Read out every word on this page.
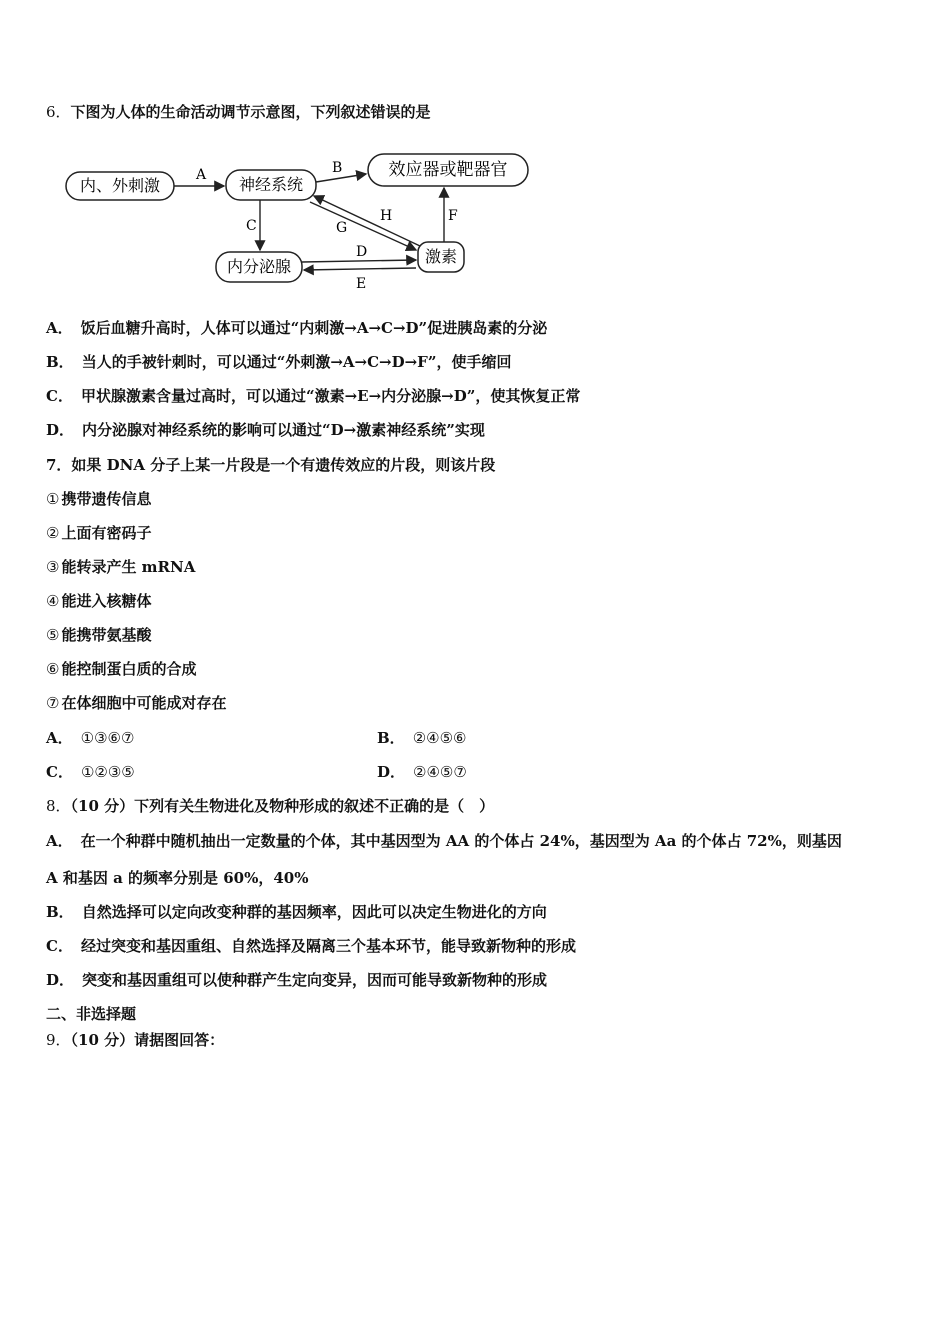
6．下图为人体的生命活动调节示意图，下列叙述错误的是
内、外刺激	神经系统
效应器或靶器官
内分泌腺
激素
A	B
C
D
E
F
G
H
A． 饭后血糖升高时，人体可以通过“内刺激→A→C→D”促进胰岛素的分泌
B． 当人的手被针刺时，可以通过“外刺激→A→C→D→F”，使手缩回
C． 甲状腺激素含量过高时，可以通过“激素→E→内分泌腺→D”，使其恢复正常
D． 内分泌腺对神经系统的影响可以通过“D→激素神经系统”实现
7．如果 DNA 分子上某一片段是一个有遗传效应的片段，则该片段
① 携带遗传信息
② 上面有密码子
③ 能转录产生 mRNA
④ 能进入核糖体
⑤ 能携带氨基酸
⑥ 能控制蛋白质的合成
⑦ 在体细胞中可能成对存在
A． ①③⑥⑦	B． ②④⑤⑥
C． ①②③⑤	D． ②④⑤⑦
8．（10 分）下列有关生物进化及物种形成的叙述不正确的是（　）
A． 在一个种群中随机抽出一定数量的个体，其中基因型为 AA 的个体占 24%，基因型为 Aa 的个体占 72%，则基因
A 和基因 a 的频率分别是 60%，40%
B． 自然选择可以定向改变种群的基因频率，因此可以决定生物进化的方向
C． 经过突变和基因重组、自然选择及隔离三个基本环节，能导致新物种的形成
D． 突变和基因重组可以使种群产生定向变异，因而可能导致新物种的形成
二、非选择题
9．（10 分）请据图回答：
